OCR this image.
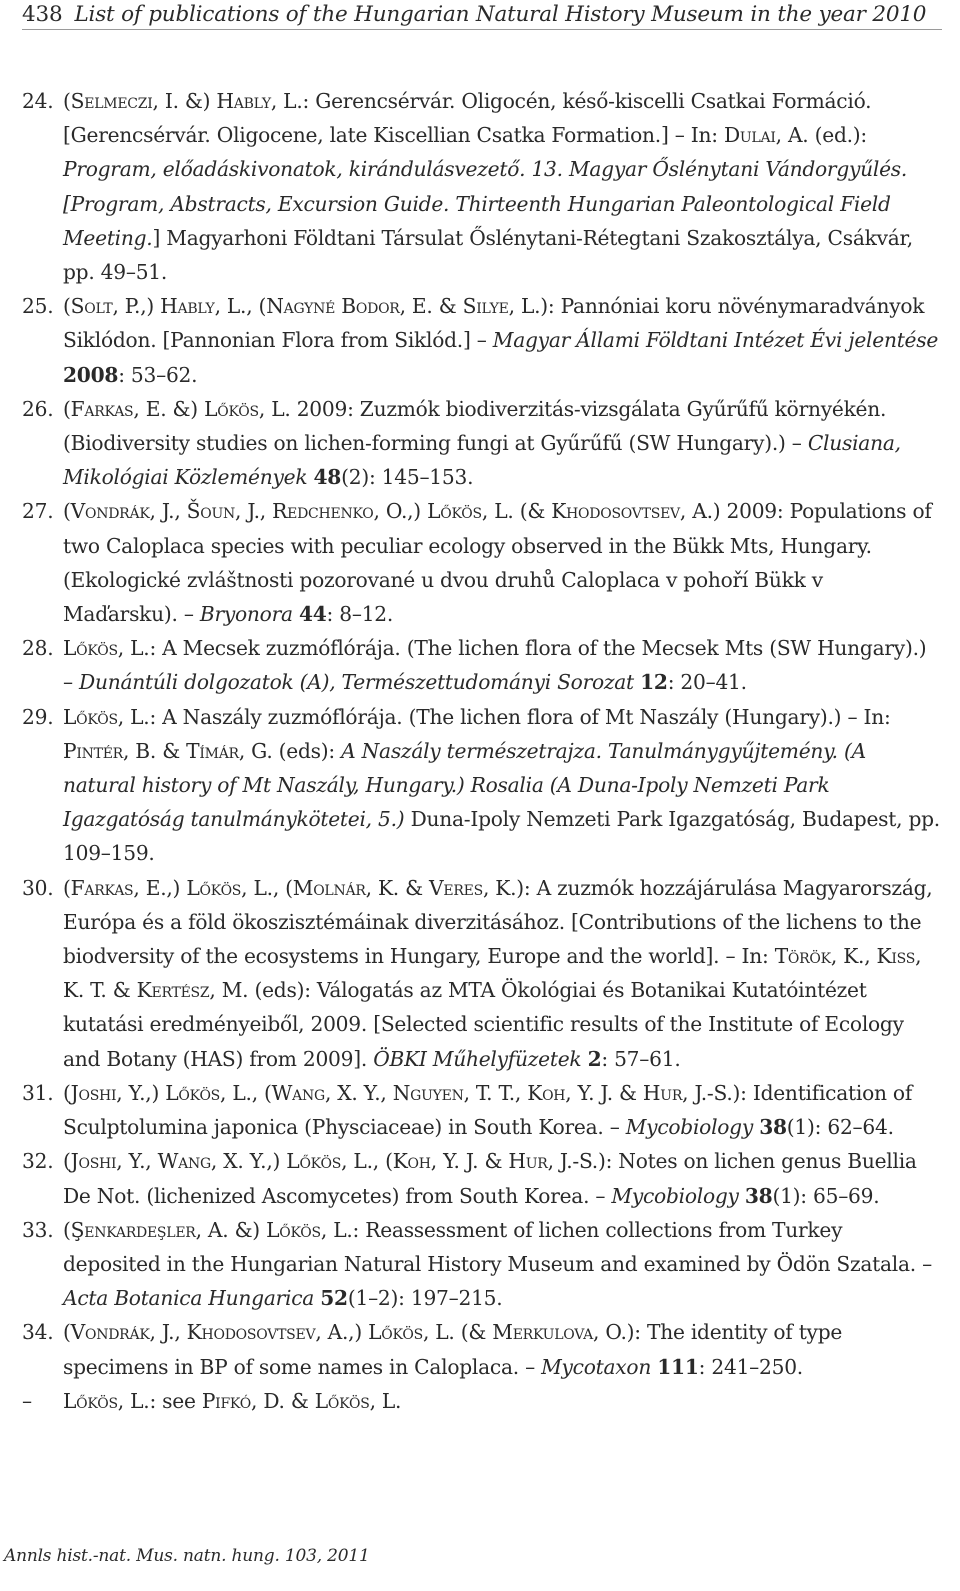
438 List of publications of the Hungarian Natural History Museum in the year 2010
24. (Selmeczi, I. &) Hably, L.: Gerencsérvár. Oligocén, késő-kiscelli Csatkai Formáció. [Gerencsérvár. Oligocene, late Kiscellian Csatka Formation.] – In: Dulai, A. (ed.): Program, előadáskivonatok, kirándulásvezető. 13. Magyar Őslénytani Vándorgyűlés. [Program, Abstracts, Excursion Guide. Thirteenth Hungarian Paleontological Field Meeting.] Magyarhoni Földtani Társulat Őslénytani-Rétegtani Szakosztálya, Csákvár, pp. 49–51.
25. (Solt, P.,) Hably, L., (Nagyné Bodor, E. & Silye, L.): Pannóniai koru növénymaradványok Siklódon. [Pannonian Flora from Siklód.] – Magyar Állami Földtani Intézet Évi jelentése 2008: 53–62.
26. (Farkas, E. &) Lőkös, L. 2009: Zuzmók biodiverzitás-vizsgálata Gyűrűfű környékén. (Biodiversity studies on lichen-forming fungi at Gyűrűfű (SW Hungary).) – Clusiana, Mikológiai Közlemények 48(2): 145–153.
27. (Vondrák, J., Šoun, J., Redchenko, O.,) Lőkös, L. (& Khodosovtsev, A.) 2009: Populations of two Caloplaca species with peculiar ecology observed in the Bükk Mts, Hungary. (Ekologické zvláštnosti pozorované u dvou druhů Caloplaca v pohoří Bükk v Maďarsku). – Bryonora 44: 8–12.
28. Lőkös, L.: A Mecsek zuzmóflórája. (The lichen flora of the Mecsek Mts (SW Hungary).) – Dunántúli dolgozatok (A), Természettudományi Sorozat 12: 20–41.
29. Lőkös, L.: A Naszály zuzmóflórája. (The lichen flora of Mt Naszály (Hungary).) – In: Pintér, B. & Tímár, G. (eds): A Naszály természetrajza. Tanulmánygyűjtemény. (A natural history of Mt Naszály, Hungary.) Rosalia (A Duna-Ipoly Nemzeti Park Igazgatóság tanulmánykötetei, 5.) Duna-Ipoly Nemzeti Park Igazgatóság, Budapest, pp. 109–159.
30. (Farkas, E.,) Lőkös, L., (Molnár, K. & Veres, K.): A zuzmók hozzájárulása Magyarország, Európa és a föld ökoszisztémáinak diverzitásához. [Contributions of the lichens to the biodversity of the ecosystems in Hungary, Europe and the world]. – In: Török, K., Kiss, K. T. & Kertész, M. (eds): Válogatás az MTA Ökológiai és Botanikai Kutatóintézet kutatási eredményeiből, 2009. [Selected scientific results of the Institute of Ecology and Botany (HAS) from 2009]. ÖBKI Műhelyfüzetek 2: 57–61.
31. (Joshi, Y.,) Lőkös, L., (Wang, X. Y., Nguyen, T. T., Koh, Y. J. & Hur, J.-S.): Identification of Sculptolumina japonica (Physciaceae) in South Korea. – Mycobiology 38(1): 62–64.
32. (Joshi, Y., Wang, X. Y.,) Lőkös, L., (Koh, Y. J. & Hur, J.-S.): Notes on lichen genus Buellia De Not. (lichenized Ascomycetes) from South Korea. – Mycobiology 38(1): 65–69.
33. (Şenkardeşler, A. &) Lőkös, L.: Reassessment of lichen collections from Turkey deposited in the Hungarian Natural History Museum and examined by Ödön Szatala. – Acta Botanica Hungarica 52(1–2): 197–215.
34. (Vondrák, J., Khodosovtsev, A.,) Lőkös, L. (& Merkulova, O.): The identity of type specimens in BP of some names in Caloplaca. – Mycotaxon 111: 241–250.
–	Lőkös, L.: see Pifkó, D. & Lőkös, L.
Annls hist.-nat. Mus. natn. hung. 103, 2011
